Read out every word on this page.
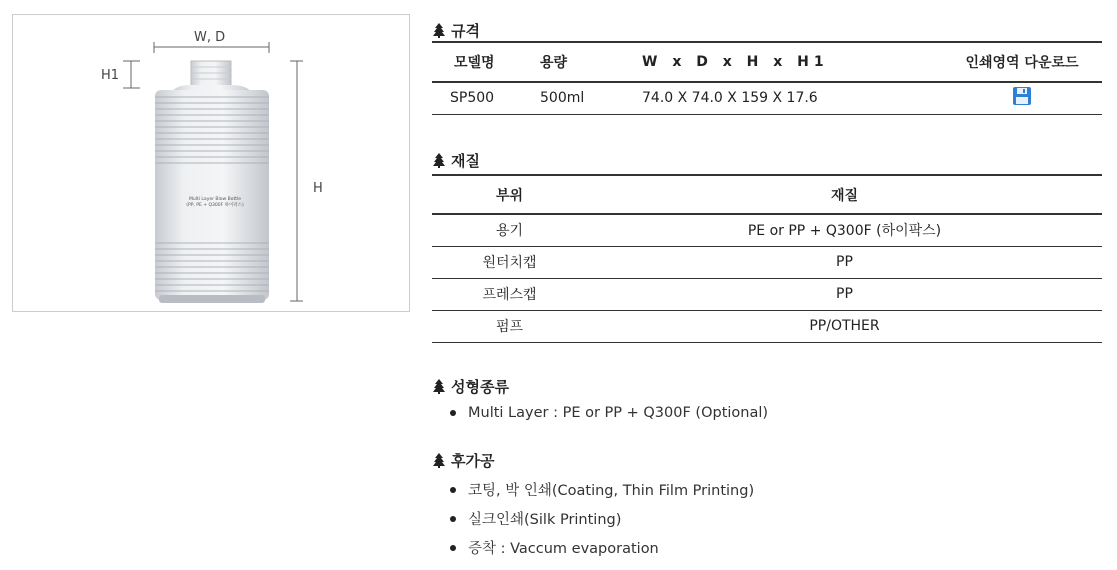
W, D
H1
H
Multi Layer Blow Bottle
(PP, PE + Q300F 하이팍스)
규격
모델명	용량	W x D x H x H1	인쇄영역 다운로드
SP500	500ml	74.0 X 74.0 X 159 X 17.6	
재질
부위	재질
용기	PE or PP + Q300F (하이팍스)
원터치캡	PP
프레스캡	PP
펌프	PP/OTHER
성형종류
Multi Layer : PE or PP + Q300F (Optional)
후가공
코팅, 박 인쇄(Coating, Thin Film Printing)
실크인쇄(Silk Printing)
증착 : Vaccum evaporation
